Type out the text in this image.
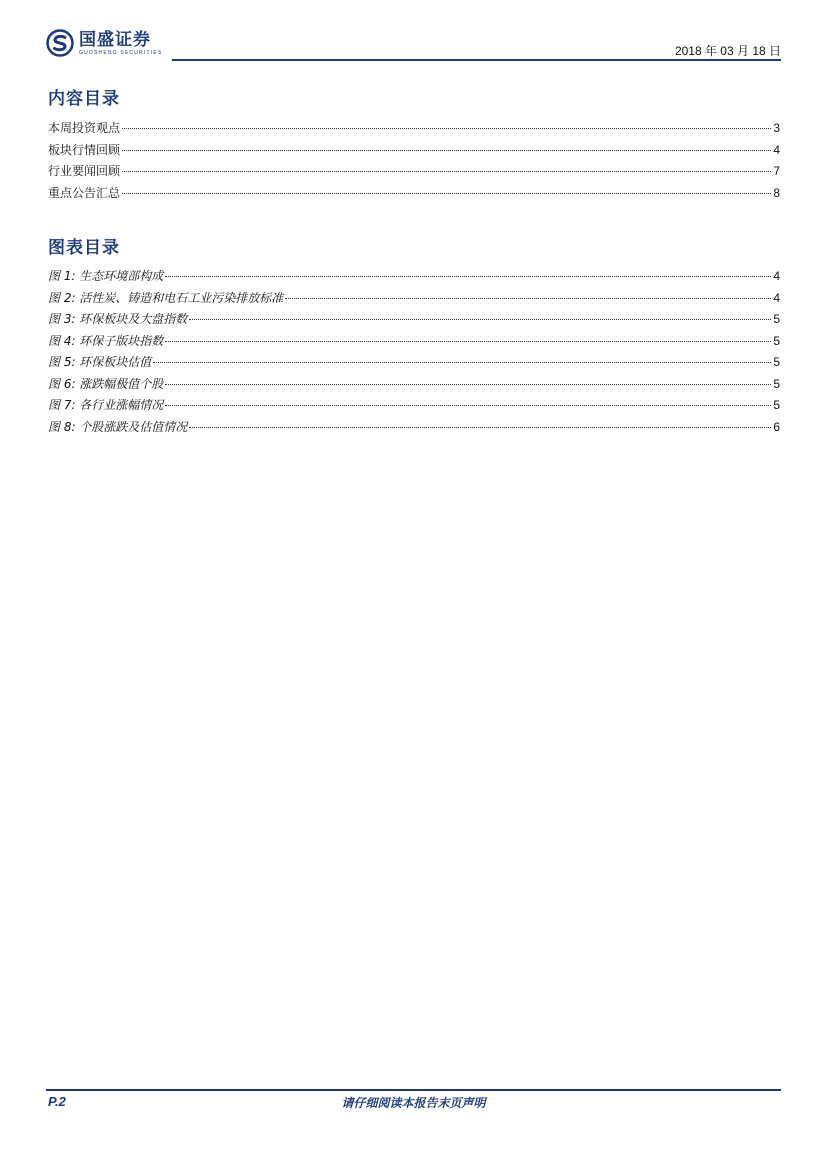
国盛证券
GUOSHENG SECURITIES	2018 年 03 月 18 日
内容目录
本周投资观点	3
板块行情回顾	4
行业要闻回顾	7
重点公告汇总	8
图表目录
图 1: 生态环境部构成	4
图 2: 活性炭、铸造和电石工业污染排放标准	4
图 3: 环保板块及大盘指数	5
图 4: 环保子版块指数	5
图 5: 环保板块估值	5
图 6: 涨跌幅极值个股	5
图 7: 各行业涨幅情况	5
图 8: 个股涨跌及估值情况	6
P.2	请仔细阅读本报告末页声明
